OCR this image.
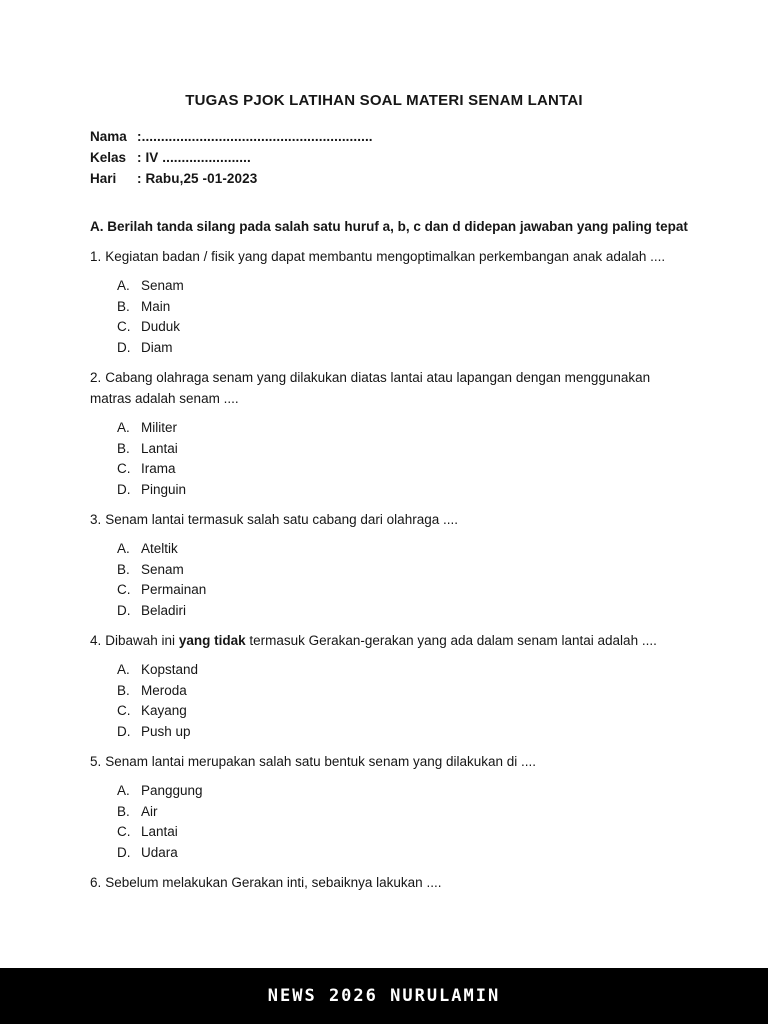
TUGAS PJOK LATIHAN SOAL MATERI SENAM LANTAI
Nama :............................................................
Kelas : IV .......................
Hari	: Rabu,25 -01-2023

A. Berilah tanda silang pada salah satu huruf a, b, c dan d didepan jawaban yang paling tepat

1. Kegiatan badan / fisik yang dapat membantu mengoptimalkan perkembangan anak adalah ....

A. Senam
B. Main
C. Duduk
D. Diam

2. Cabang olahraga senam yang dilakukan diatas lantai atau lapangan dengan menggunakan matras adalah senam ....

A. Militer
B. Lantai
C. Irama
D. Pinguin

3. Senam lantai termasuk salah satu cabang dari olahraga ....

A. Ateltik
B. Senam
C. Permainan
D. Beladiri

4. Dibawah ini yang tidak termasuk Gerakan-gerakan yang ada dalam senam lantai adalah ....

A. Kopstand
B. Meroda
C. Kayang
D. Push up

5. Senam lantai merupakan salah satu bentuk senam yang dilakukan di ....

A. Panggung
B. Air
C. Lantai
D. Udara

6. Sebelum melakukan Gerakan inti, sebaiknya lakukan ....

NEWS 2026 NURULAMIN
